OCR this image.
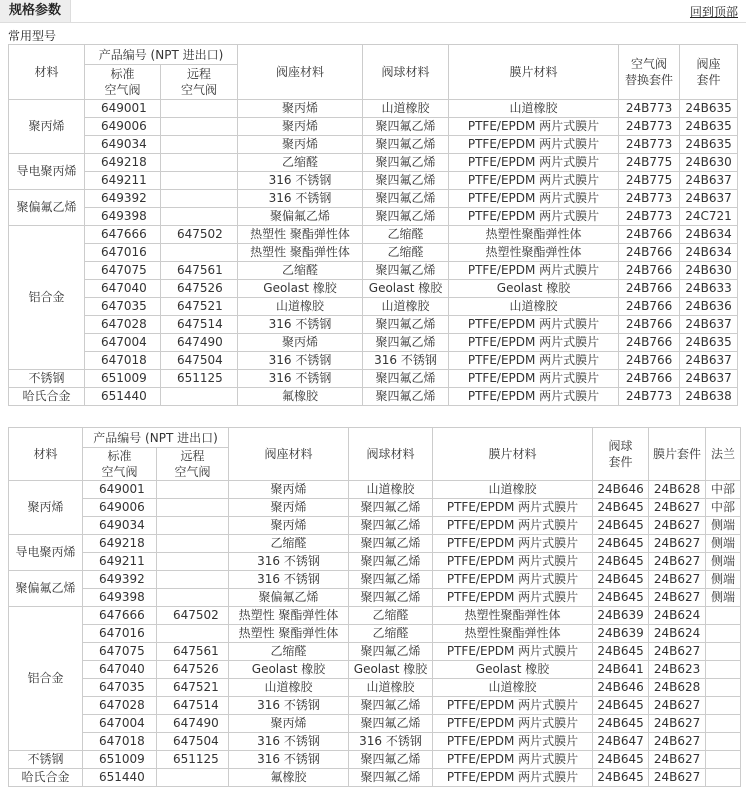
规格参数	回到顶部
常用型号
材料	产品编号 (NPT 进出口)		阀座材料	阀球材料	膜片材料	空气阀
替换套件	阀座
套件
	标准
空气阀	远程
空气阀					
聚丙烯	649001		聚丙烯	山道橡胶	山道橡胶	24B773	24B635
	649006		聚丙烯	聚四氟乙烯	PTFE/EPDM 两片式膜片	24B773	24B635
	649034		聚丙烯	聚四氟乙烯	PTFE/EPDM 两片式膜片	24B773	24B635
导电聚丙烯	649218		乙缩醛	聚四氟乙烯	PTFE/EPDM 两片式膜片	24B775	24B630
	649211		316 不锈钢	聚四氟乙烯	PTFE/EPDM 两片式膜片	24B775	24B637
聚偏氟乙烯	649392		316 不锈钢	聚四氟乙烯	PTFE/EPDM 两片式膜片	24B773	24B637
	649398		聚偏氟乙烯	聚四氟乙烯	PTFE/EPDM 两片式膜片	24B773	24C721
铝合金	647666	647502	热塑性 聚酯弹性体	乙缩醛	热塑性聚酯弹性体	24B766	24B634
	647016		热塑性 聚酯弹性体	乙缩醛	热塑性聚酯弹性体	24B766	24B634
	647075	647561	乙缩醛	聚四氟乙烯	PTFE/EPDM 两片式膜片	24B766	24B630
	647040	647526	Geolast 橡胶	Geolast 橡胶	Geolast 橡胶	24B766	24B633
	647035	647521	山道橡胶	山道橡胶	山道橡胶	24B766	24B636
	647028	647514	316 不锈钢	聚四氟乙烯	PTFE/EPDM 两片式膜片	24B766	24B637
	647004	647490	聚丙烯	聚四氟乙烯	PTFE/EPDM 两片式膜片	24B766	24B635
	647018	647504	316 不锈钢	316 不锈钢	PTFE/EPDM 两片式膜片	24B766	24B637
不锈钢	651009	651125	316 不锈钢	聚四氟乙烯	PTFE/EPDM 两片式膜片	24B766	24B637
哈氏合金	651440		氟橡胶	聚四氟乙烯	PTFE/EPDM 两片式膜片	24B773	24B638
材料	产品编号 (NPT 进出口)		阀座材料	阀球材料	膜片材料	阀球
套件	膜片套件	法兰
	标准
空气阀	远程
空气阀						
聚丙烯	649001		聚丙烯	山道橡胶	山道橡胶	24B646	24B628	中部
	649006		聚丙烯	聚四氟乙烯	PTFE/EPDM 两片式膜片	24B645	24B627	中部
	649034		聚丙烯	聚四氟乙烯	PTFE/EPDM 两片式膜片	24B645	24B627	侧端
导电聚丙烯	649218		乙缩醛	聚四氟乙烯	PTFE/EPDM 两片式膜片	24B645	24B627	侧端
	649211		316 不锈钢	聚四氟乙烯	PTFE/EPDM 两片式膜片	24B645	24B627	侧端
聚偏氟乙烯	649392		316 不锈钢	聚四氟乙烯	PTFE/EPDM 两片式膜片	24B645	24B627	侧端
	649398		聚偏氟乙烯	聚四氟乙烯	PTFE/EPDM 两片式膜片	24B645	24B627	侧端
铝合金	647666	647502	热塑性 聚酯弹性体	乙缩醛	热塑性聚酯弹性体	24B639	24B624	
	647016		热塑性 聚酯弹性体	乙缩醛	热塑性聚酯弹性体	24B639	24B624	
	647075	647561	乙缩醛	聚四氟乙烯	PTFE/EPDM 两片式膜片	24B645	24B627	
	647040	647526	Geolast 橡胶	Geolast 橡胶	Geolast 橡胶	24B641	24B623	
	647035	647521	山道橡胶	山道橡胶	山道橡胶	24B646	24B628	
	647028	647514	316 不锈钢	聚四氟乙烯	PTFE/EPDM 两片式膜片	24B645	24B627	
	647004	647490	聚丙烯	聚四氟乙烯	PTFE/EPDM 两片式膜片	24B645	24B627	
	647018	647504	316 不锈钢	316 不锈钢	PTFE/EPDM 两片式膜片	24B647	24B627	
不锈钢	651009	651125	316 不锈钢	聚四氟乙烯	PTFE/EPDM 两片式膜片	24B645	24B627	
哈氏合金	651440		氟橡胶	聚四氟乙烯	PTFE/EPDM 两片式膜片	24B645	24B627	
